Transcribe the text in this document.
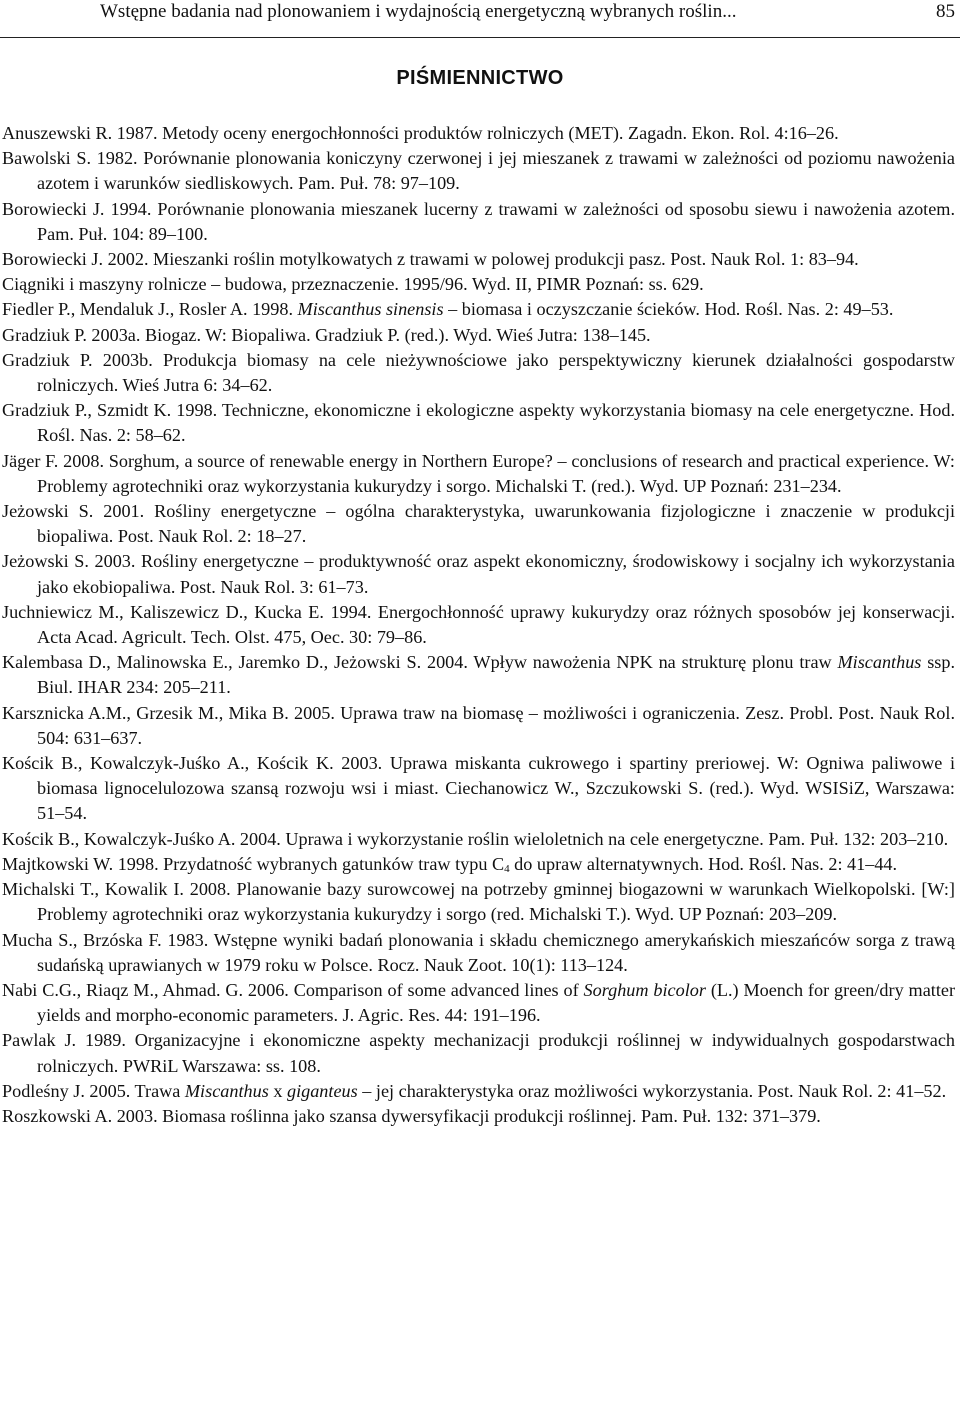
Wstępne badania nad plonowaniem i wydajnością energetyczną wybranych roślin...	85
PIŚMIENNICTWO
Anuszewski R. 1987. Metody oceny energochłonności produktów rolniczych (MET). Zagadn. Ekon. Rol. 4:16–26.
Bawolski S. 1982. Porównanie plonowania koniczyny czerwonej i jej mieszanek z trawami w zależności od poziomu nawożenia azotem i warunków siedliskowych. Pam. Puł. 78: 97–109.
Borowiecki J. 1994. Porównanie plonowania mieszanek lucerny z trawami w zależności od sposobu siewu i nawożenia azotem. Pam. Puł. 104: 89–100.
Borowiecki J. 2002. Mieszanki roślin motylkowatych z trawami w polowej produkcji pasz. Post. Nauk Rol. 1: 83–94.
Ciągniki i maszyny rolnicze – budowa, przeznaczenie. 1995/96. Wyd. II, PIMR Poznań: ss. 629.
Fiedler P., Mendaluk J., Rosler A. 1998. Miscanthus sinensis – biomasa i oczyszczanie ścieków. Hod. Rośl. Nas. 2: 49–53.
Gradziuk P. 2003a. Biogaz. W: Biopaliwa. Gradziuk P. (red.). Wyd. Wieś Jutra: 138–145.
Gradziuk P. 2003b. Produkcja biomasy na cele nieżywnościowe jako perspektywiczny kierunek działalności gospodarstw rolniczych. Wieś Jutra 6: 34–62.
Gradziuk P., Szmidt K. 1998. Techniczne, ekonomiczne i ekologiczne aspekty wykorzystania biomasy na cele energetyczne. Hod. Rośl. Nas. 2: 58–62.
Jäger F. 2008. Sorghum, a source of renewable energy in Northern Europe? – conclusions of research and practical experience. W: Problemy agrotechniki oraz wykorzystania kukurydzy i sorgo. Michalski T. (red.). Wyd. UP Poznań: 231–234.
Jeżowski S. 2001. Rośliny energetyczne – ogólna charakterystyka, uwarunkowania fizjologiczne i znaczenie w produkcji biopaliwa. Post. Nauk Rol. 2: 18–27.
Jeżowski S. 2003. Rośliny energetyczne – produktywność oraz aspekt ekonomiczny, środowiskowy i socjalny ich wykorzystania jako ekobiopaliwa. Post. Nauk Rol. 3: 61–73.
Juchniewicz M., Kaliszewicz D., Kucka E. 1994. Energochłonność uprawy kukurydzy oraz różnych sposobów jej konserwacji. Acta Acad. Agricult. Tech. Olst. 475, Oec. 30: 79–86.
Kalembasa D., Malinowska E., Jaremko D., Jeżowski S. 2004. Wpływ nawożenia NPK na strukturę plonu traw Miscanthus ssp. Biul. IHAR 234: 205–211.
Karsznicka A.M., Grzesik M., Mika B. 2005. Uprawa traw na biomasę – możliwości i ograniczenia. Zesz. Probl. Post. Nauk Rol. 504: 631–637.
Kościk B., Kowalczyk-Juśko A., Kościk K. 2003. Uprawa miskanta cukrowego i spartiny preriowej. W: Ogniwa paliwowe i biomasa lignocelulozowa szansą rozwoju wsi i miast. Ciechanowicz W., Szczukowski S. (red.). Wyd. WSISiZ, Warszawa: 51–54.
Kościk B., Kowalczyk-Juśko A. 2004. Uprawa i wykorzystanie roślin wieloletnich na cele energetyczne. Pam. Puł. 132: 203–210.
Majtkowski W. 1998. Przydatność wybranych gatunków traw typu $C_4$ do upraw alternatywnych. Hod. Rośl. Nas. 2: 41–44.
Michalski T., Kowalik I. 2008. Planowanie bazy surowcowej na potrzeby gminnej biogazowni w warunkach Wielkopolski. [W:] Problemy agrotechniki oraz wykorzystania kukurydzy i sorgo (red. Michalski T.). Wyd. UP Poznań: 203–209.
Mucha S., Brzóska F. 1983. Wstępne wyniki badań plonowania i składu chemicznego amerykańskich mieszańców sorga z trawą sudańską uprawianych w 1979 roku w Polsce. Rocz. Nauk Zoot. 10(1): 113–124.
Nabi C.G., Riaqz M., Ahmad. G. 2006. Comparison of some advanced lines of Sorghum bicolor (L.) Moench for green/dry matter yields and morpho-economic parameters. J. Agric. Res. 44: 191–196.
Pawlak J. 1989. Organizacyjne i ekonomiczne aspekty mechanizacji produkcji roślinnej w indywidualnych gospodarstwach rolniczych. PWRiL Warszawa: ss. 108.
Podleśny J. 2005. Trawa Miscanthus x giganteus – jej charakterystyka oraz możliwości wykorzystania. Post. Nauk Rol. 2: 41–52.
Roszkowski A. 2003. Biomasa roślinna jako szansa dywersyfikacji produkcji roślinnej. Pam. Puł. 132: 371–379.
